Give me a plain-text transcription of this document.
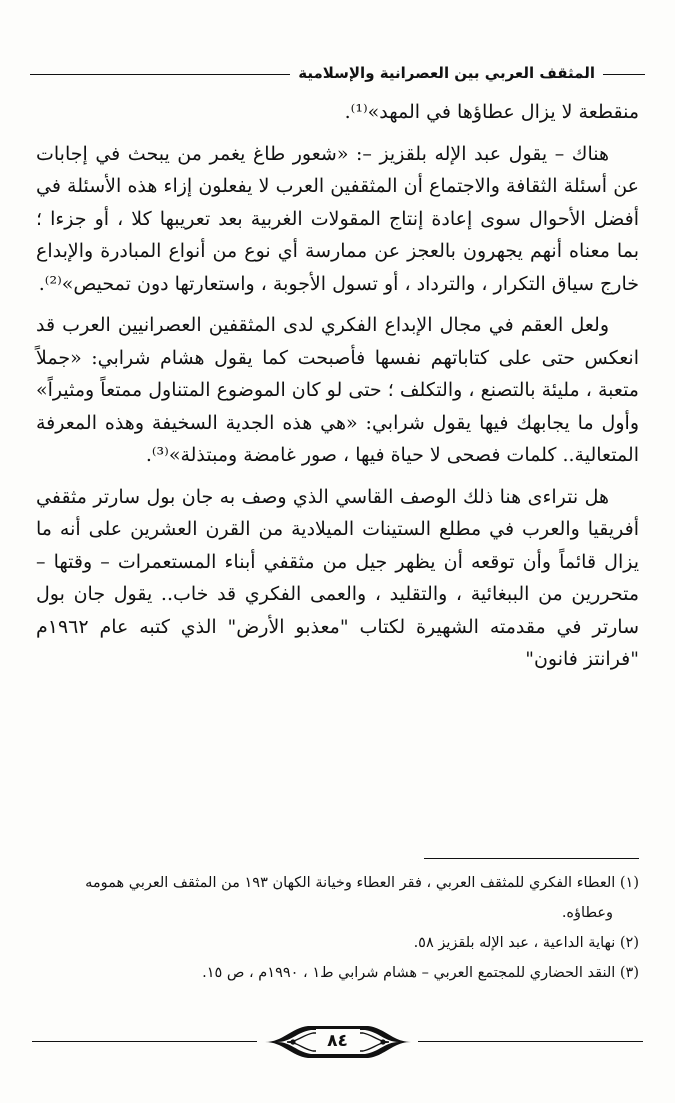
المثقف العربي بين العصرانية والإسلامية

منقطعة لا يزال عطاؤها في المهد»⁽¹⁾.

هناك – يقول عبد الإله بلقزيز –: «شعور طاغ يغمر من يبحث في إجابات عن أسئلة الثقافة والاجتماع أن المثقفين العرب لا يفعلون إزاء هذه الأسئلة في أفضل الأحوال سوى إعادة إنتاج المقولات الغربية بعد تعريبها كلا ، أو جزءا ؛ بما معناه أنهم يجهرون بالعجز عن ممارسة أي نوع من أنواع المبادرة والإبداع خارج سياق التكرار ، والترداد ، أو تسول الأجوبة ، واستعارتها دون تمحيص»⁽²⁾.

ولعل العقم في مجال الإبداع الفكري لدى المثقفين العصرانيين العرب قد انعكس حتى على كتاباتهم نفسها فأصبحت كما يقول هشام شرابي: «جملاً متعبة ، مليئة بالتصنع ، والتكلف ؛ حتى لو كان الموضوع المتناول ممتعاً ومثيراً» وأول ما يجابهك فيها يقول شرابي: «هي هذه الجدية السخيفة وهذه المعرفة المتعالية.. كلمات فصحى لا حياة فيها ، صور غامضة ومبتذلة»⁽³⁾.

هل نتراءى هنا ذلك الوصف القاسي الذي وصف به جان بول سارتر مثقفي أفريقيا والعرب في مطلع الستينات الميلادية من القرن العشرين على أنه ما يزال قائماً وأن توقعه أن يظهر جيل من مثقفي أبناء المستعمرات – وقتها – متحررين من الببغائية ، والتقليد ، والعمى الفكري قد خاب.. يقول جان بول سارتر في مقدمته الشهيرة لكتاب "معذبو الأرض" الذي كتبه عام ١٩٦٢م "فرانتز فانون"

(١) العطاء الفكري للمثقف العربي ، فقر العطاء وخيانة الكهان ١٩٣ من المثقف العربي همومه
وعطاؤه.
(٢) نهاية الداعية ، عبد الإله بلقزيز ٥٨.
(٣) النقد الحضاري للمجتمع العربي – هشام شرابي ط١ ، ١٩٩٠م ، ص ١٥.
٨٤
